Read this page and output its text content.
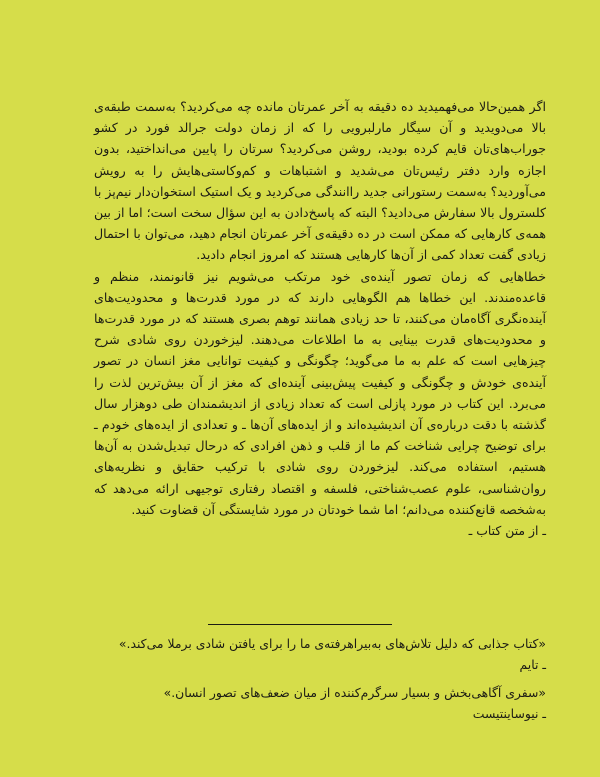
اگر همین‌حالا می‌فهمیدید ده دقیقه به آخر عمرتان مانده چه می‌کردید؟ به‌سمت طبقه‌ی بالا می‌دویدید و آن سیگار مارلبرویی را که از زمان دولت جرالد فورد در کشو جوراب‌های‌تان قایم کرده بودید، روشن می‌کردید؟ سرتان را پایین می‌انداختید، بدون اجازه وارد دفتر رئیس‌تان می‌شدید و اشتباهات و کم‌وکاستی‌هایش را به رویش می‌آوردید؟ به‌سمت رستورانی جدید راانندگی می‌کردید و یک استیک استخوان‌دار نیم‌پز با کلسترول بالا سفارش می‌دادید؟ البته که پاسخ‌دادن به این سؤال سخت است؛ اما از بین همه‌ی کارهایی که ممکن است در ده دقیقه‌ی آخر عمرتان انجام دهید، می‌توان با احتمال زیادی گفت تعداد کمی از آن‌ها کارهایی هستند که امروز انجام دادید.

خطاهایی که زمان تصور آینده‌ی خود مرتکب می‌شویم نیز قانونمند، منظم و قاعده‌مندند. این خطاها هم الگوهایی دارند که در مورد قدرت‌ها و محدودیت‌های آینده‌نگری آگاه‌مان می‌کنند، تا حد زیادی همانند توهم بصری هستند که در مورد قدرت‌ها و محدودیت‌های قدرت بینایی به ما اطلاعات می‌دهند. لیزخوردن روی شادی شرح چیزهایی است که علم به ما می‌گوید؛ چگونگی و کیفیت توانایی مغز انسان در تصور آینده‌ی خودش و چگونگی و کیفیت پیش‌بینی آینده‌ای که مغز از آن بیش‌ترین لذت را می‌برد. این کتاب در مورد پازلی است که تعداد زیادی از اندیشمندان طی دوهزار سال گذشته با دقت درباره‌ی آن اندیشیده‌اند و از ایده‌های آن‌ها ـ و تعدادی از ایده‌های خودم ـ برای توضیح چرایی شناخت کم ما از قلب و ذهن افرادی که درحال تبدیل‌شدن به آن‌ها هستیم، استفاده می‌کند. لیزخوردن روی شادی با ترکیب حقایق و نظریه‌های روان‌شناسی، علوم عصب‌شناختی، فلسفه و اقتصاد رفتاری توجیهی ارائه می‌دهد که به‌شخصه قانع‌کننده می‌دانم؛ اما شما خودتان در مورد شایستگی آن قضاوت کنید.

ـ از متن کتاب ـ

«کتاب جذابی که دلیل تلاش‌های به‌بیراهرفته‌ی ما را برای یافتن شادی برملا می‌کند.»

ـ تایم

«سفری آگاهی‌بخش و بسیار سرگرم‌کننده از میان ضعف‌های تصور انسان.»

ـ نیوساینتیست
